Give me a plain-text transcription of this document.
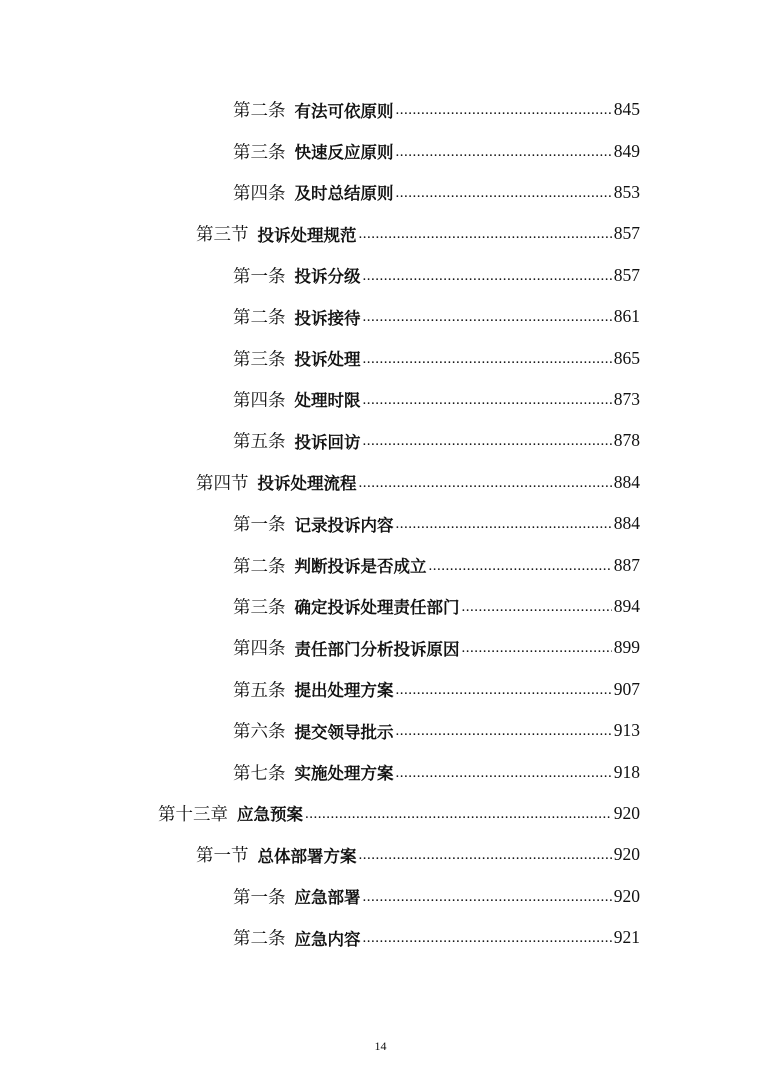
第二条 有法可依原则 .....	845
第三条 快速反应原则 .....	849
第四条 及时总结原则 .....	853
第三节 投诉处理规范 .....	857
第一条 投诉分级 .....	857
第二条 投诉接待 .....	861
第三条 投诉处理 .....	865
第四条 处理时限 .....	873
第五条 投诉回访 .....	878
第四节 投诉处理流程 .....	884
第一条 记录投诉内容 .....	884
第二条 判断投诉是否成立 .....	887
第三条 确定投诉处理责任部门 .....	894
第四条 责任部门分析投诉原因 .....	899
第五条 提出处理方案 .....	907
第六条 提交领导批示 .....	913
第七条 实施处理方案 .....	918
第十三章 应急预案 .....	920
第一节 总体部署方案 .....	920
第一条 应急部署 .....	920
第二条 应急内容 .....	921
14
